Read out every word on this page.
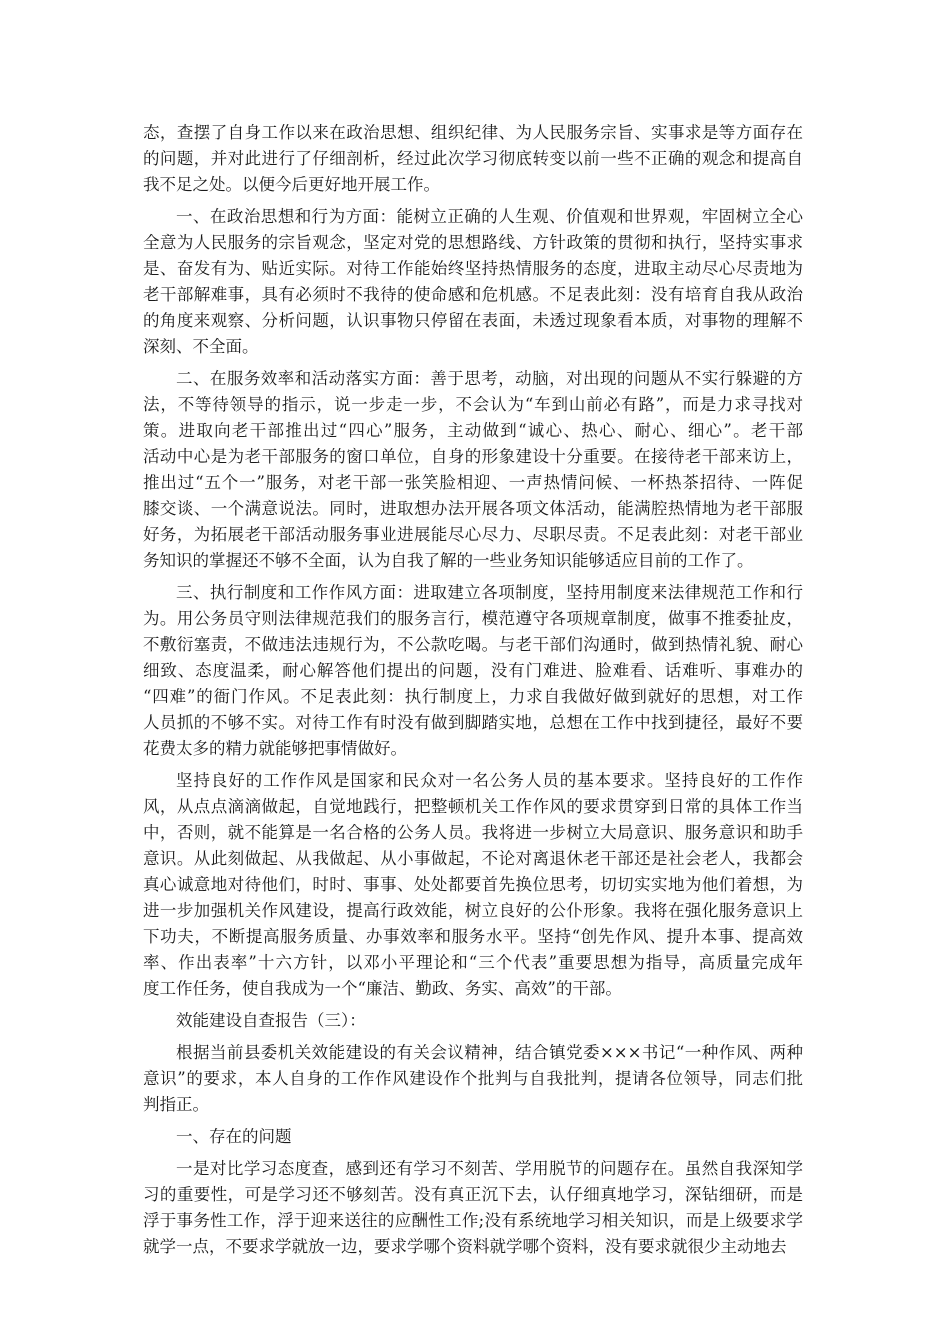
态，查摆了自身工作以来在政治思想、组织纪律、为人民服务宗旨、实事求是等方面存在
的问题，并对此进行了仔细剖析，经过此次学习彻底转变以前一些不正确的观念和提高自
我不足之处。以便今后更好地开展工作。
一、在政治思想和行为方面：能树立正确的人生观、价值观和世界观，牢固树立全心
全意为人民服务的宗旨观念，坚定对党的思想路线、方针政策的贯彻和执行，坚持实事求
是、奋发有为、贴近实际。对待工作能始终坚持热情服务的态度，进取主动尽心尽责地为
老干部解难事，具有必须时不我待的使命感和危机感。不足表此刻：没有培育自我从政治
的角度来观察、分析问题，认识事物只停留在表面，未透过现象看本质，对事物的理解不
深刻、不全面。
二、在服务效率和活动落实方面：善于思考，动脑，对出现的问题从不实行躲避的方
法，不等待领导的指示，说一步走一步，不会认为“车到山前必有路”，而是力求寻找对
策。进取向老干部推出过“四心”服务，主动做到“诚心、热心、耐心、细心”。老干部
活动中心是为老干部服务的窗口单位，自身的形象建设十分重要。在接待老干部来访上，
推出过“五个一”服务，对老干部一张笑脸相迎、一声热情问候、一杯热茶招待、一阵促
膝交谈、一个满意说法。同时，进取想办法开展各项文体活动，能满腔热情地为老干部服
好务，为拓展老干部活动服务事业进展能尽心尽力、尽职尽责。不足表此刻：对老干部业
务知识的掌握还不够不全面，认为自我了解的一些业务知识能够适应目前的工作了。
三、执行制度和工作作风方面：进取建立各项制度，坚持用制度来法律规范工作和行
为。用公务员守则法律规范我们的服务言行，模范遵守各项规章制度，做事不推委扯皮，
不敷衍塞责，不做违法违规行为，不公款吃喝。与老干部们沟通时，做到热情礼貌、耐心
细致、态度温柔，耐心解答他们提出的问题，没有门难进、脸难看、话难听、事难办的
“四难”的衙门作风。不足表此刻：执行制度上，力求自我做好做到就好的思想，对工作
人员抓的不够不实。对待工作有时没有做到脚踏实地，总想在工作中找到捷径，最好不要
花费太多的精力就能够把事情做好。
坚持良好的工作作风是国家和民众对一名公务人员的基本要求。坚持良好的工作作
风，从点点滴滴做起，自觉地践行，把整顿机关工作作风的要求贯穿到日常的具体工作当
中，否则，就不能算是一名合格的公务人员。我将进一步树立大局意识、服务意识和助手
意识。从此刻做起、从我做起、从小事做起，不论对离退休老干部还是社会老人，我都会
真心诚意地对待他们，时时、事事、处处都要首先换位思考，切切实实地为他们着想，为
进一步加强机关作风建设，提高行政效能，树立良好的公仆形象。我将在强化服务意识上
下功夫，不断提高服务质量、办事效率和服务水平。坚持“创先作风、提升本事、提高效
率、作出表率”十六方针，以邓小平理论和“三个代表”重要思想为指导，高质量完成年
度工作任务，使自我成为一个“廉洁、勤政、务实、高效”的干部。
效能建设自查报告（三）：
根据当前县委机关效能建设的有关会议精神，结合镇党委×××书记“一种作风、两种
意识”的要求，本人自身的工作作风建设作个批判与自我批判，提请各位领导，同志们批
判指正。
一、存在的问题
一是对比学习态度查，感到还有学习不刻苦、学用脱节的问题存在。虽然自我深知学
习的重要性，可是学习还不够刻苦。没有真正沉下去，认仔细真地学习，深钻细研，而是
浮于事务性工作，浮于迎来送往的应酬性工作;没有系统地学习相关知识，而是上级要求学
就学一点，不要求学就放一边，要求学哪个资料就学哪个资料，没有要求就很少主动地去
